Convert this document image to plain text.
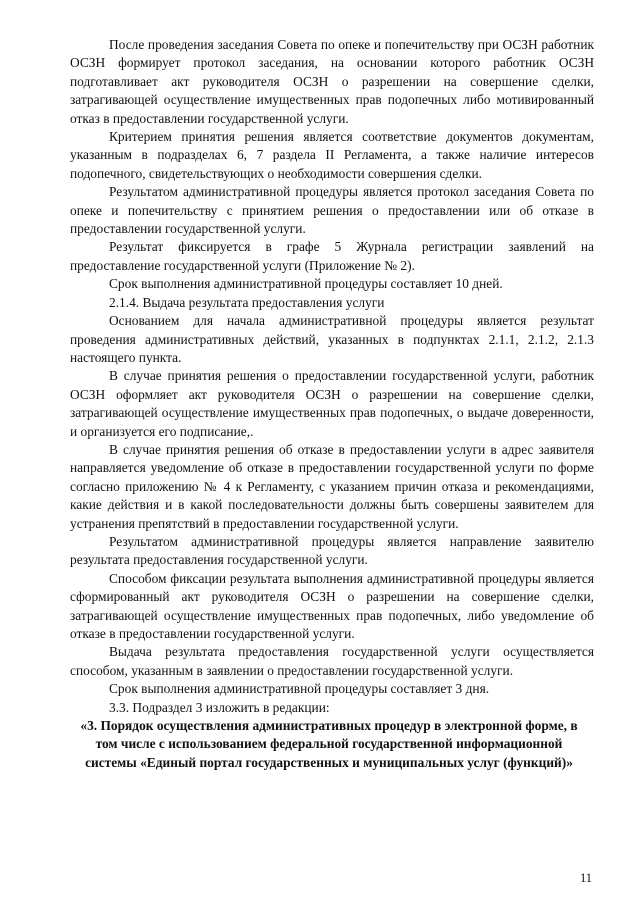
После проведения заседания Совета по опеке и попечительству при ОСЗН работник ОСЗН формирует протокол заседания, на основании которого работник ОСЗН подготавливает акт руководителя ОСЗН о разрешении на совершение сделки, затрагивающей осуществление имущественных прав подопечных либо мотивированный отказ в предоставлении государственной услуги.

Критерием принятия решения является соответствие документов документам, указанным в подразделах 6, 7 раздела II Регламента, а также наличие интересов подопечного, свидетельствующих о необходимости совершения сделки.

Результатом административной процедуры является протокол заседания Совета по опеке и попечительству с принятием решения о предоставлении или об отказе в предоставлении государственной услуги.

Результат фиксируется в графе 5 Журнала регистрации заявлений на предоставление государственной услуги (Приложение № 2).

Срок выполнения административной процедуры составляет 10 дней.

2.1.4. Выдача результата предоставления услуги

Основанием для начала административной процедуры является результат проведения административных действий, указанных в подпунктах 2.1.1, 2.1.2, 2.1.3 настоящего пункта.

В случае принятия решения о предоставлении государственной услуги, работник ОСЗН оформляет акт руководителя ОСЗН о разрешении на совершение сделки, затрагивающей осуществление имущественных прав подопечных, о выдаче доверенности, и организуется его подписание,.

В случае принятия решения об отказе в предоставлении услуги в адрес заявителя направляется уведомление об отказе в предоставлении государственной услуги по форме согласно приложению № 4 к Регламенту, с указанием причин отказа и рекомендациями, какие действия и в какой последовательности должны быть совершены заявителем для устранения препятствий в предоставлении государственной услуги.

Результатом административной процедуры является направление заявителю результата предоставления государственной услуги.

Способом фиксации результата выполнения административной процедуры является сформированный акт руководителя ОСЗН о разрешении на совершение сделки, затрагивающей осуществление имущественных прав подопечных, либо уведомление об отказе в предоставлении государственной услуги.

Выдача результата предоставления государственной услуги осуществляется способом, указанным в заявлении о предоставлении государственной услуги.

Срок выполнения административной процедуры составляет 3 дня.

3.3. Подраздел 3 изложить в редакции:

«3. Порядок осуществления административных процедур в электронной форме, в том числе с использованием федеральной государственной информационной системы «Единый портал государственных и муниципальных услуг (функций)»
11
